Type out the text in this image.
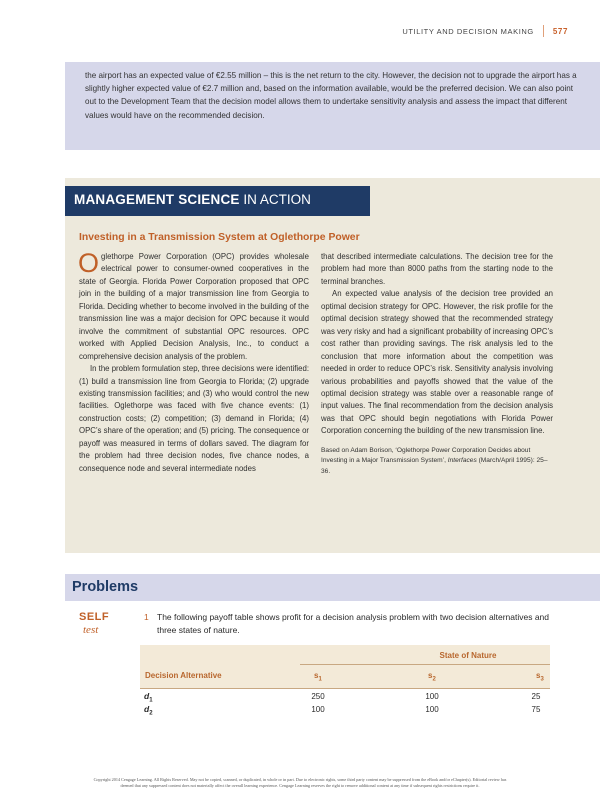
UTILITY AND DECISION MAKING 577

the airport has an expected value of €2.55 million – this is the net return to the city. However, the decision not to upgrade the airport has a slightly higher expected value of €2.7 million and, based on the information available, would be the preferred decision. We can also point out to the Development Team that the decision model allows them to undertake sensitivity analysis and assess the impact that different values would have on the recommended decision.

MANAGEMENT SCIENCE IN ACTION
Investing in a Transmission System at Oglethorpe Power

Oglethorpe Power Corporation (OPC) provides wholesale electrical power to consumer-owned cooperatives in the state of Georgia. Florida Power Corporation proposed that OPC join in the building of a major transmission line from Georgia to Florida. Deciding whether to become involved in the building of the transmission line was a major decision for OPC because it would involve the commitment of substantial OPC resources. OPC worked with Applied Decision Analysis, Inc., to conduct a comprehensive decision analysis of the problem.

In the problem formulation step, three decisions were identified: (1) build a transmission line from Georgia to Florida; (2) upgrade existing transmission facilities; and (3) who would control the new facilities. Oglethorpe was faced with five chance events: (1) construction costs; (2) competition; (3) demand in Florida; (4) OPC’s share of the operation; and (5) pricing. The consequence or payoff was measured in terms of dollars saved. The diagram for the problem had three decision nodes, five chance nodes, a consequence node and several intermediate nodes

that described intermediate calculations. The decision tree for the problem had more than 8000 paths from the starting node to the terminal branches.

An expected value analysis of the decision tree provided an optimal decision strategy for OPC. However, the risk profile for the optimal decision strategy showed that the recommended strategy was very risky and had a significant probability of increasing OPC’s cost rather than providing savings. The risk analysis led to the conclusion that more information about the competition was needed in order to reduce OPC’s risk. Sensitivity analysis involving various probabilities and payoffs showed that the value of the optimal decision strategy was stable over a reasonable range of input values. The final recommendation from the decision analysis was that OPC should begin negotiations with Florida Power Corporation concerning the building of the new transmission line.

Based on Adam Borison, ‘Oglethorpe Power Corporation Decides about Investing in a Major Transmission System’, Interfaces (March/April 1995): 25–36.

Problems
SELF
test
1 The following payoff table shows profit for a decision analysis problem with two decision alternatives and three states of nature.
State of Nature
Decision Alternative	$s_1$	$s_2$	$s_3$
$d_1$	250	100	25
$d_2$	100	100	75
Copyright 2014 Cengage Learning. All Rights Reserved. May not be copied, scanned, or duplicated, in whole or in part. Due to electronic rights, some third party content may be suppressed from the eBook and/or eChapter(s). Editorial review has
deemed that any suppressed content does not materially affect the overall learning experience. Cengage Learning reserves the right to remove additional content at any time if subsequent rights restrictions require it.
